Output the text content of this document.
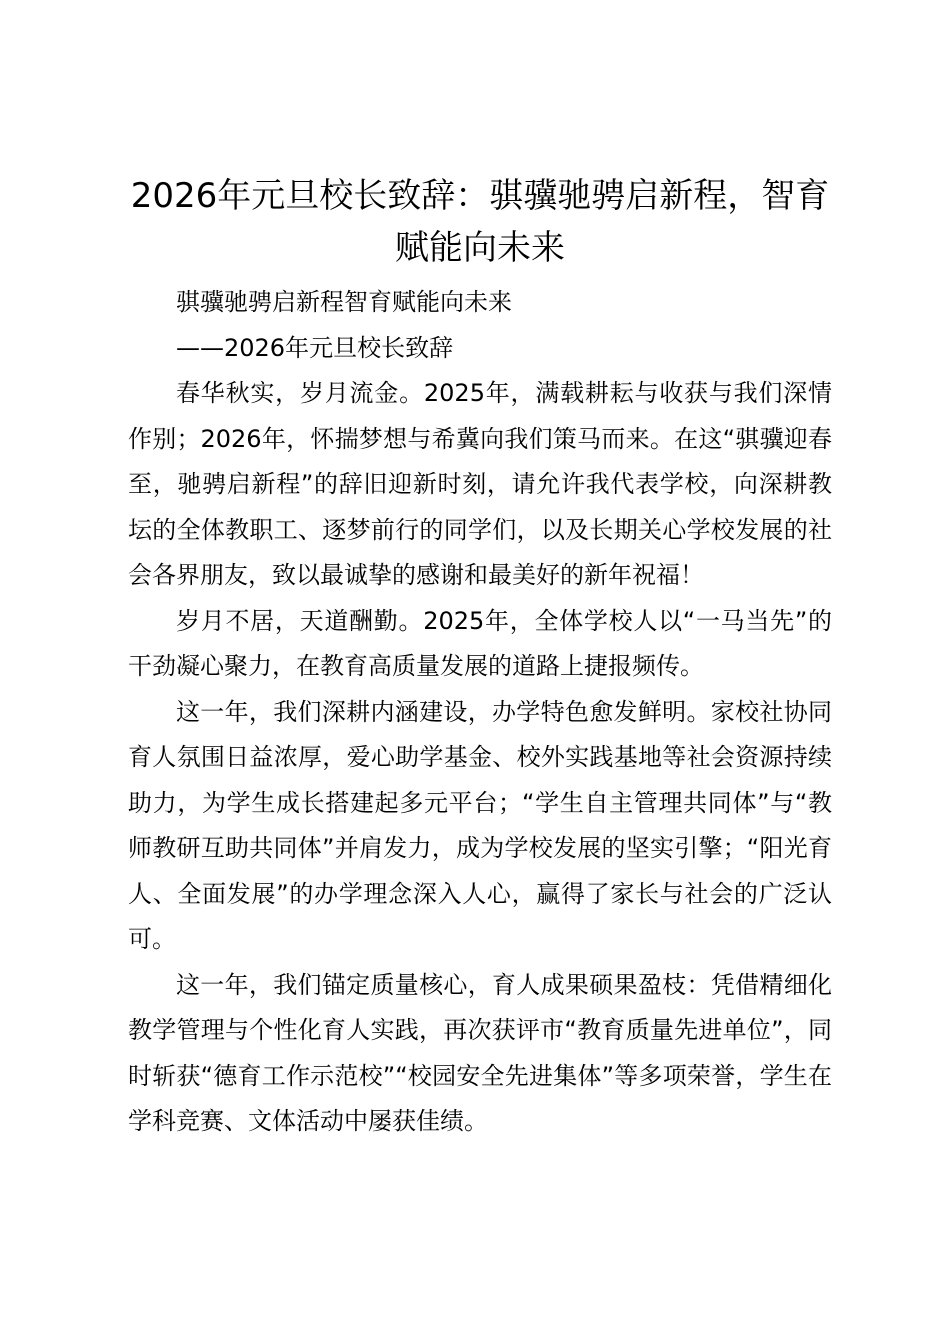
2026年元旦校长致辞：骐骥驰骋启新程，智育赋能向未来

骐骥驰骋启新程智育赋能向未来

——2026年元旦校长致辞

春华秋实，岁月流金。2025年，满载耕耘与收获与我们深情作别；2026年，怀揣梦想与希冀向我们策马而来。在这“骐骥迎春至，驰骋启新程”的辞旧迎新时刻，请允许我代表学校，向深耕教坛的全体教职工、逐梦前行的同学们，以及长期关心学校发展的社会各界朋友，致以最诚挚的感谢和最美好的新年祝福！

岁月不居，天道酬勤。2025年，全体学校人以“一马当先”的干劲凝心聚力，在教育高质量发展的道路上捷报频传。

这一年，我们深耕内涵建设，办学特色愈发鲜明。家校社协同育人氛围日益浓厚，爱心助学基金、校外实践基地等社会资源持续助力，为学生成长搭建起多元平台；“学生自主管理共同体”与“教师教研互助共同体”并肩发力，成为学校发展的坚实引擎；“阳光育人、全面发展”的办学理念深入人心，赢得了家长与社会的广泛认可。

这一年，我们锚定质量核心，育人成果硕果盈枝：凭借精细化教学管理与个性化育人实践，再次获评市“教育质量先进单位”，同时斩获“德育工作示范校”“校园安全先进集体”等多项荣誉，学生在学科竞赛、文体活动中屡获佳绩。
